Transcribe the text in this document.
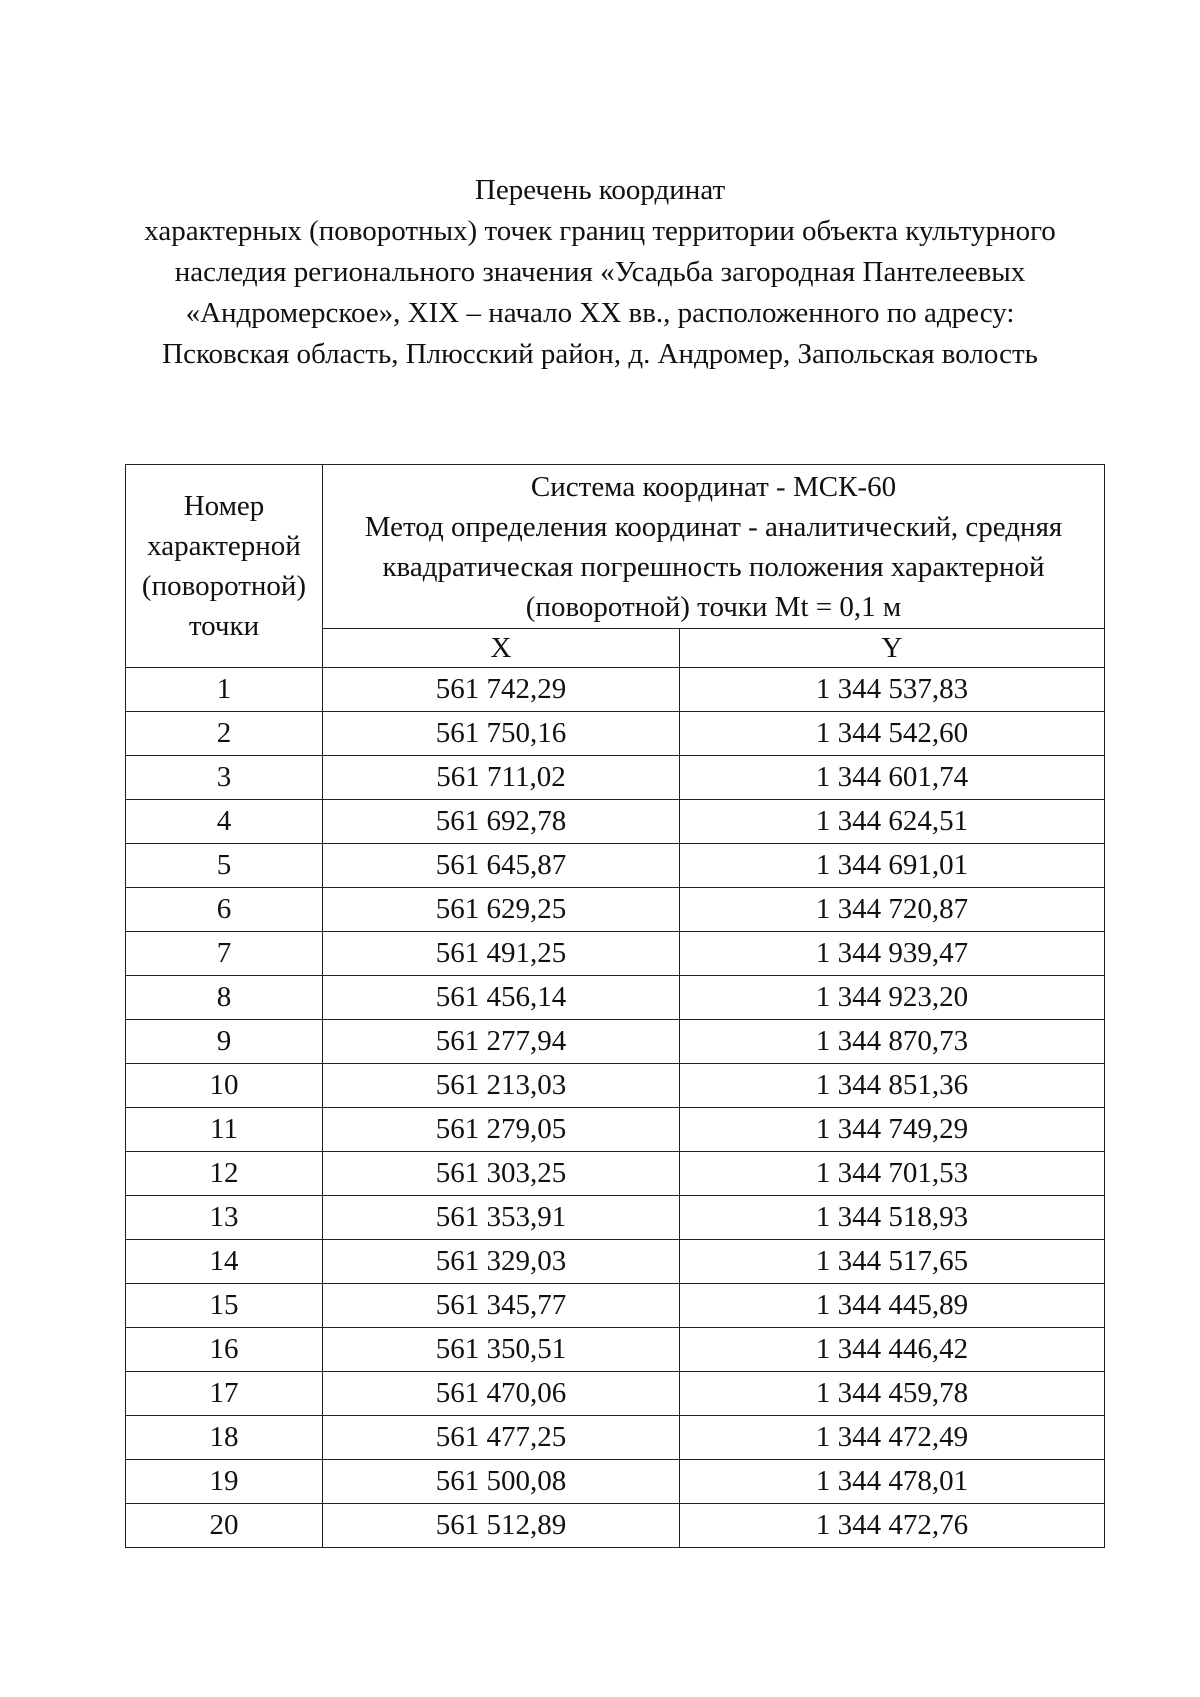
Перечень координат
характерных (поворотных) точек границ территории объекта культурного
наследия регионального значения «Усадьба загородная Пантелеевых
«Андромерское», XIX – начало XX вв., расположенного по адресу:
Псковская область, Плюсский район, д. Андромер, Запольская волость
Номер
характерной
(поворотной)
точки	Система координат - МСК-60
Метод определения координат - аналитический, средняя
квадратическая погрешность положения характерной
(поворотной) точки Mt = 0,1 м	

	X	Y
1	561 742,29	1 344 537,83
2	561 750,16	1 344 542,60
3	561 711,02	1 344 601,74
4	561 692,78	1 344 624,51
5	561 645,87	1 344 691,01
6	561 629,25	1 344 720,87
7	561 491,25	1 344 939,47
8	561 456,14	1 344 923,20
9	561 277,94	1 344 870,73
10	561 213,03	1 344 851,36
11	561 279,05	1 344 749,29
12	561 303,25	1 344 701,53
13	561 353,91	1 344 518,93
14	561 329,03	1 344 517,65
15	561 345,77	1 344 445,89
16	561 350,51	1 344 446,42
17	561 470,06	1 344 459,78
18	561 477,25	1 344 472,49
19	561 500,08	1 344 478,01
20	561 512,89	1 344 472,76
